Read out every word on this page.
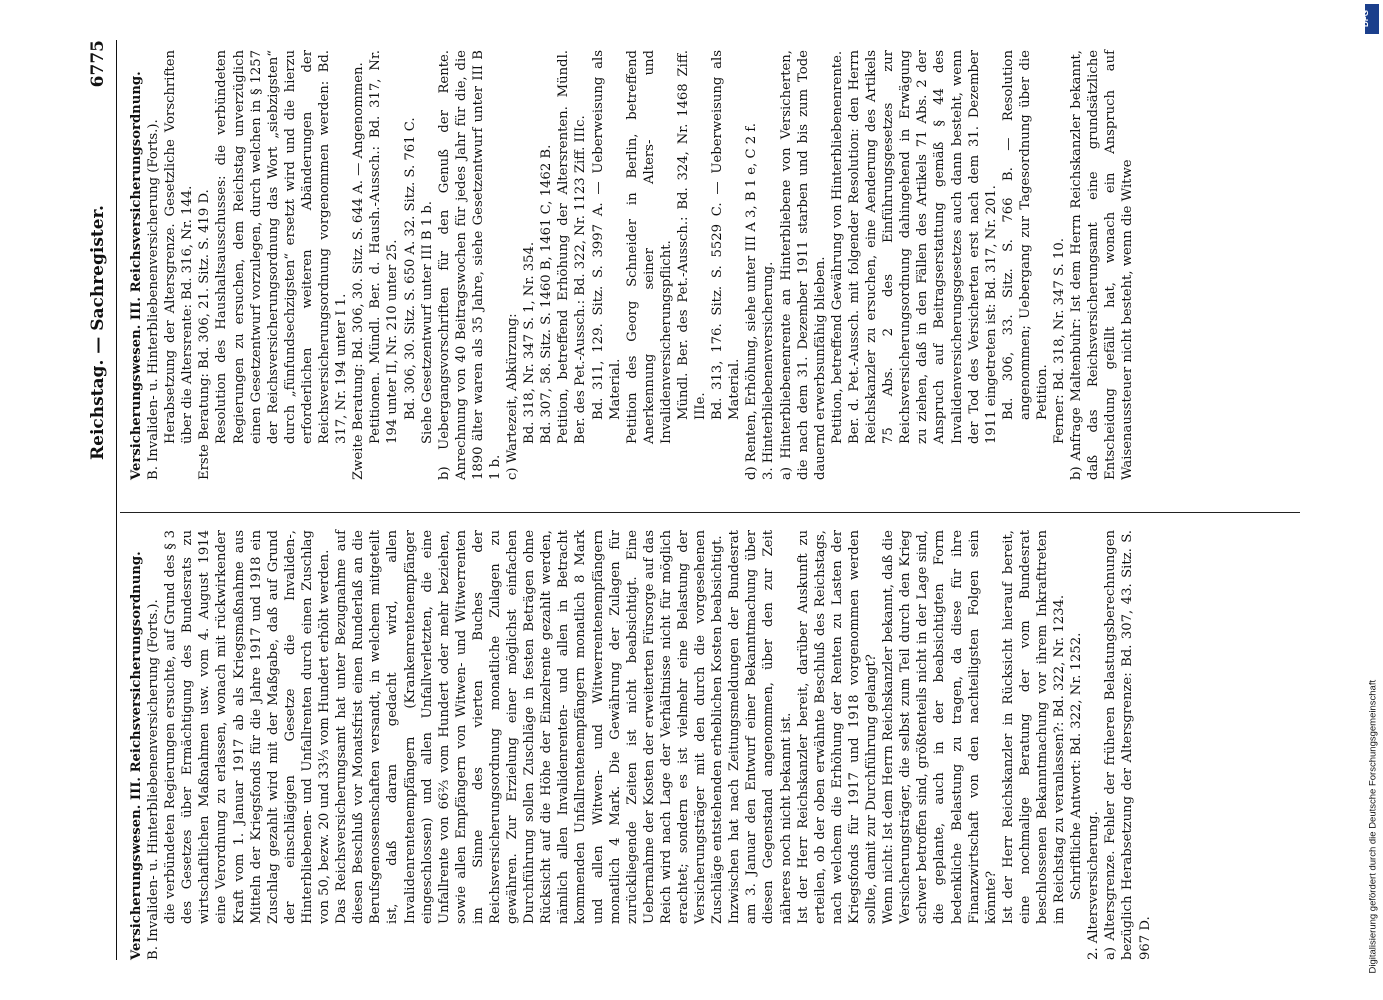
Reichstag. — Sachregister.
6775

Versicherungswesen. III. Reichsversicherungsordnung. B. Invaliden- u. Hinterbliebenenversicherung (Forts.). die verbündeten Regierungen ersuchte, auf Grund des § 3 des Gesetzes über Ermächtigung des Bundesrats zu wirtschaftlichen Maßnahmen usw. vom 4. August 1914 eine Verordnung zu erlassen, wonach mit rückwirkender Kraft vom 1. Januar 1917 ab als Kriegsmaßnahme aus Mitteln der Kriegsfonds für die Jahre 1917 und 1918 ein Zuschlag gezahlt wird mit der Maßgabe, daß auf Grund der einschlägigen Gesetze die Invaliden-, Hinterbliebenen- und Unfallrenten durch einen Zuschlag von 50, bezw. 20 und 33⅓ vom Hundert erhöht werden. Das Reichsversicherungsamt hat unter Bezugnahme auf diesen Beschluß vor Monatsfrist einen Runderlaß an die Berufsgenossenschaften versandt, in welchem mitgeteilt ist, daß daran gedacht wird, allen Invalidenrentenempfängern (Krankenrentenempfänger eingeschlossen) und allen Unfallverletzten, die eine Unfallrente von 66⅔ vom Hundert oder mehr beziehen, sowie allen Empfängern von Witwen- und Witwerrenten im Sinne des vierten Buches der Reichsversicherungsordnung monatliche Zulagen zu gewähren. Zur Erzielung einer möglichst einfachen Durchführung sollen Zuschläge in festen Beträgen ohne Rücksicht auf die Höhe der Einzelrente gezahlt werden, nämlich allen Invalidenrenten- und allen in Betracht kommenden Unfallrentenempfängern monatlich 8 Mark und allen Witwen- und Witwerrentenempfängern monatlich 4 Mark. Die Gewährung der Zulagen für zurückliegende Zeiten ist nicht beabsichtigt. Eine Uebernahme der Kosten der erweiterten Fürsorge auf das Reich wird nach Lage der Verhältnisse nicht für möglich erachtet; sondern es ist vielmehr eine Belastung der Versicherungsträger mit den durch die vorgesehenen Zuschläge entstehenden erheblichen Kosten beabsichtigt. Inzwischen hat nach Zeitungsmeldungen der Bundesrat am 3. Januar den Entwurf einer Bekanntmachung über diesen Gegenstand angenommen, über den zur Zeit näheres noch nicht bekannt ist. Ist der Herr Reichskanzler bereit, darüber Auskunft zu erteilen, ob der oben erwähnte Beschluß des Reichstags, nach welchem die Erhöhung der Renten zu Lasten der Kriegsfonds für 1917 und 1918 vorgenommen werden sollte, damit zur Durchführung gelangt? Wenn nicht: Ist dem Herrn Reichskanzler bekannt, daß die Versicherungsträger, die selbst zum Teil durch den Krieg schwer betroffen sind, größtenteils nicht in der Lage sind, die geplante, auch in der beabsichtigten Form bedenkliche Belastung zu tragen, da diese für ihre Finanzwirtschaft von den nachteiligsten Folgen sein könnte? Ist der Herr Reichskanzler in Rücksicht hierauf bereit, eine nochmalige Beratung der vom Bundesrat beschlossenen Bekanntmachung vor ihrem Inkrafttreten im Reichstag zu veranlassen?: Bd. 322, Nr. 1234. Schriftliche Antwort: Bd. 322, Nr. 1252. 2. Altersversicherung. a) Altersgrenze. Fehler der früheren Belastungsberechnungen bezüglich Herabsetzung der Altersgrenze: Bd. 307, 43. Sitz. S. 967 D.

Versicherungswesen. III. Reichsversicherungsordnung. B. Invaliden- u. Hinterbliebenenversicherung (Forts.). Herabsetzung der Altersgrenze. Gesetzliche Vorschriften über die Altersrente: Bd. 316, Nr. 144. Erste Beratung: Bd. 306, 21. Sitz. S. 419 D. Resolution des Haushaltsausschusses: die verbündeten Regierungen zu ersuchen, dem Reichstag unverzüglich einen Gesetzentwurf vorzulegen, durch welchen in § 1257 der Reichsversicherungsordnung das Wort „siebzigsten“ durch „fünfundsechzigsten“ ersetzt wird und die hierzu erforderlichen weiteren Abänderungen der Reichsversicherungsordnung vorgenommen werden: Bd. 317, Nr. 194 unter I 1. Zweite Beratung: Bd. 306, 30. Sitz. S. 644 A. — Angenommen. Petitionen. Mündl. Ber. d. Haush.-Aussch.: Bd. 317, Nr. 194 unter II, Nr. 210 unter 25. Bd. 306, 30. Sitz. S. 650 A. 32. Sitz. S. 761 C. Siehe Gesetzentwurf unter III B 1 b. b) Uebergangsvorschriften für den Genuß der Rente. Anrechnung von 40 Beitragswochen für jedes Jahr für die, die 1890 älter waren als 35 Jahre, siehe Gesetzentwurf unter III B 1 b. c) Wartezeit, Abkürzung: Bd. 318, Nr. 347 S. 1, Nr. 354. Bd. 307, 58. Sitz. S. 1460 B, 1461 C, 1462 B. Petition, betreffend Erhöhung der Altersrenten. Mündl. Ber. des Pet.-Aussch.: Bd. 322, Nr. 1123 Ziff. IIIc. Bd. 311, 129. Sitz. S. 3997 A. — Ueberweisung als Material. Petition des Georg Schneider in Berlin, betreffend Anerkennung seiner Alters- und Invalidenversicherungspflicht. Mündl. Ber. des Pet.-Aussch.: Bd. 324, Nr. 1468 Ziff. IIIe. Bd. 313, 176. Sitz. S. 5529 C. — Ueberweisung als Material. d) Renten, Erhöhung, siehe unter III A 3, B 1 e, C 2 f. 3. Hinterbliebenenversicherung. a) Hinterbliebenenrente an Hinterbliebene von Versicherten, die nach dem 31. Dezember 1911 starben und bis zum Tode dauernd erwerbsunfähig blieben. Petition, betreffend Gewährung von Hinterbliebenenrente. Ber. d. Pet.-Aussch. mit folgender Resolution: den Herrn Reichskanzler zu ersuchen, eine Aenderung des Artikels 75 Abs. 2 des Einführungsgesetzes zur Reichsversicherungsordnung dahingehend in Erwägung zu ziehen, daß in den Fällen des Artikels 71 Abs. 2 der Anspruch auf Beitragserstattung gemäß § 44 des Invalidenversicherungsgesetzes auch dann besteht, wenn der Tod des Versicherten erst nach dem 31. Dezember 1911 eingetreten ist: Bd. 317, Nr. 201. Bd. 306, 33. Sitz. S. 766 B. — Resolution angenommen; Uebergang zur Tagesordnung über die Petition. Ferner: Bd. 318, Nr. 347 S. 10. b) Anfrage Maltenbuhr: Ist dem Herrn Reichskanzler bekannt, daß das Reichsversicherungsamt eine grundsätzliche Entscheidung gefällt hat, wonach ein Anspruch auf Waisenaussteuer nicht besteht, wenn die Witwe

Digitalisierung gefördert durch die Deutsche Forschungsgemeinschaft
DFG
